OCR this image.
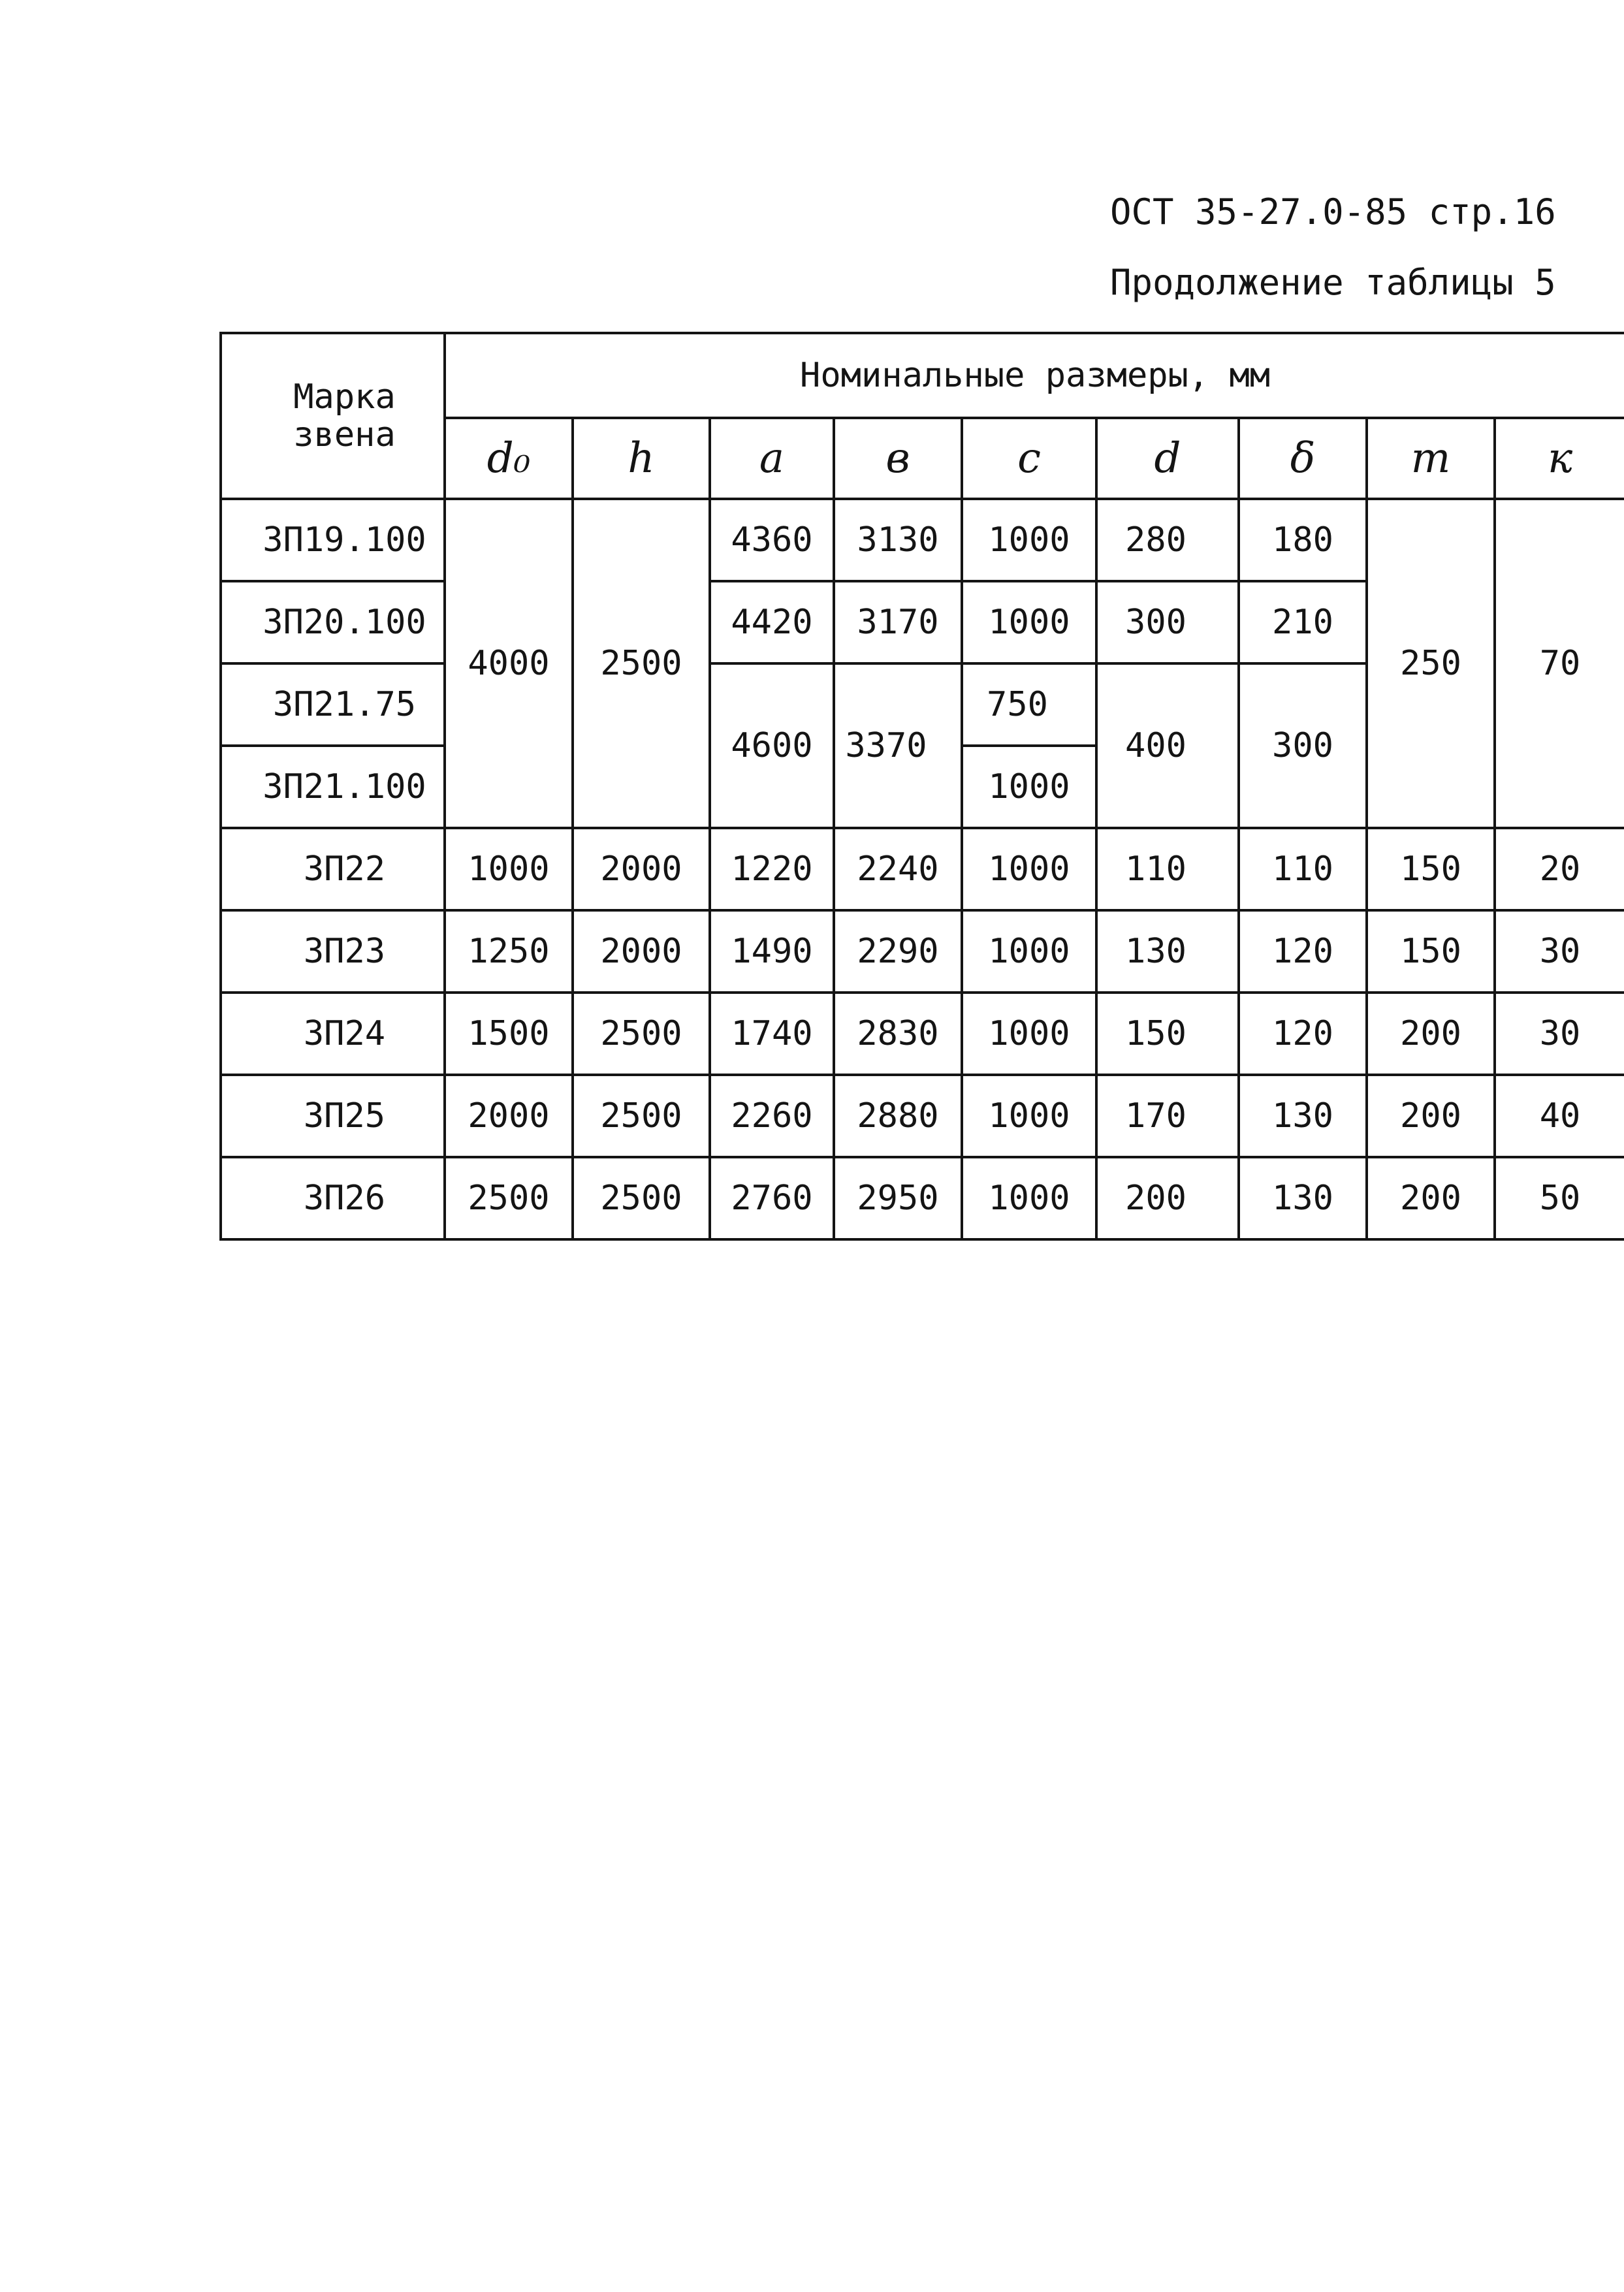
ОСТ 35-27.0-85 стр.16
Продолжение таблицы 5
Марка
звена	Номинальные размеры, мм								
	d₀	h	a	в	c	d	δ	m	к
3П19.100	4000	2500	4360	3130	1000	280	180	250	70
3П20.100			4420	3170	1000	300	210		
3П21.75			4600	3370	750	400	300		
3П21.100					1000				
3П22	1000	2000	1220	2240	1000	110	110	150	20
3П23	1250	2000	1490	2290	1000	130	120	150	30
3П24	1500	2500	1740	2830	1000	150	120	200	30
3П25	2000	2500	2260	2880	1000	170	130	200	40
3П26	2500	2500	2760	2950	1000	200	130	200	50
